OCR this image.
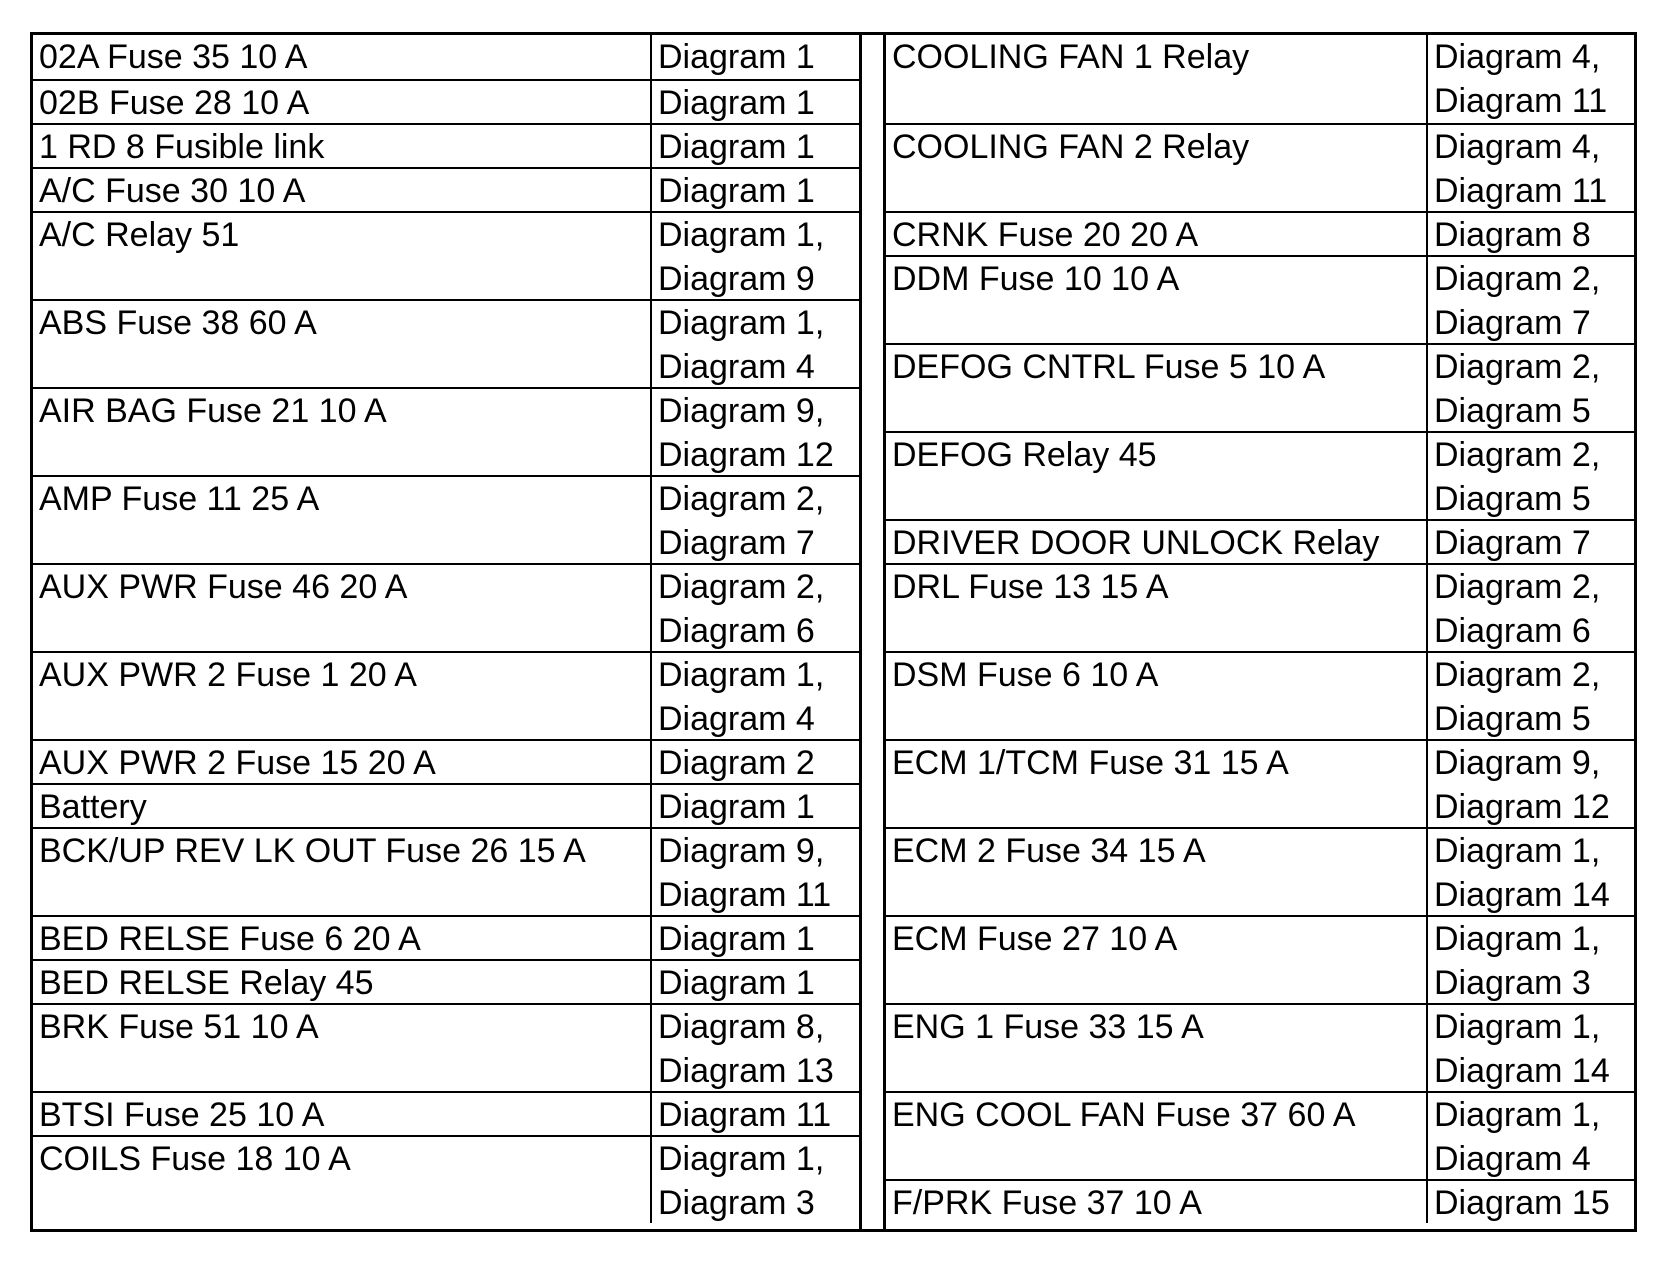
02A Fuse 35 10 A	Diagram 1
02B Fuse 28 10 A	Diagram 1
1 RD 8 Fusible link	Diagram 1
A/C Fuse 30 10 A	Diagram 1
A/C Relay 51	Diagram 1,
Diagram 9
ABS Fuse 38 60 A	Diagram 1,
Diagram 4
AIR BAG Fuse 21 10 A	Diagram 9,
Diagram 12
AMP Fuse 11 25 A	Diagram 2,
Diagram 7
AUX PWR Fuse 46 20 A	Diagram 2,
Diagram 6
AUX PWR 2 Fuse 1 20 A	Diagram 1,
Diagram 4
AUX PWR 2 Fuse 15 20 A	Diagram 2
Battery	Diagram 1
BCK/UP REV LK OUT Fuse 26 15 A	Diagram 9,
Diagram 11
BED RELSE Fuse 6 20 A	Diagram 1
BED RELSE Relay 45	Diagram 1
BRK Fuse 51 10 A	Diagram 8,
Diagram 13
BTSI Fuse 25 10 A	Diagram 11
COILS Fuse 18 10 A	Diagram 1,
Diagram 3
COOLING FAN 1 Relay	Diagram 4,
Diagram 11
COOLING FAN 2 Relay	Diagram 4,
Diagram 11
CRNK Fuse 20 20 A	Diagram 8
DDM Fuse 10 10 A	Diagram 2,
Diagram 7
DEFOG CNTRL Fuse 5 10 A	Diagram 2,
Diagram 5
DEFOG Relay 45	Diagram 2,
Diagram 5
DRIVER DOOR UNLOCK Relay	Diagram 7
DRL Fuse 13 15 A	Diagram 2,
Diagram 6
DSM Fuse 6 10 A	Diagram 2,
Diagram 5
ECM 1/TCM Fuse 31 15 A	Diagram 9,
Diagram 12
ECM 2 Fuse 34 15 A	Diagram 1,
Diagram 14
ECM Fuse 27 10 A	Diagram 1,
Diagram 3
ENG 1 Fuse 33 15 A	Diagram 1,
Diagram 14
ENG COOL FAN Fuse 37 60 A	Diagram 1,
Diagram 4
F/PRK Fuse 37 10 A	Diagram 15
